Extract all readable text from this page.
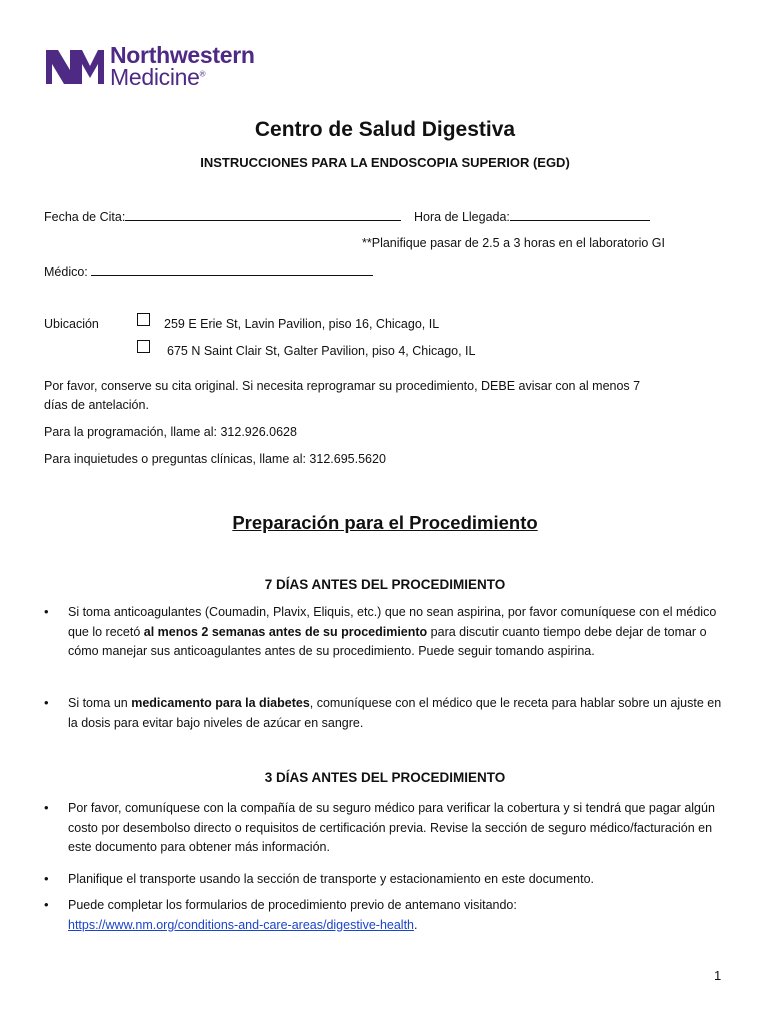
Northwestern
Medicine®
Centro de Salud Digestiva
INSTRUCCIONES PARA LA ENDOSCOPIA SUPERIOR (EGD)
Fecha de Cita:	Hora de Llegada:
**Planifique pasar de 2.5 a 3 horas en el laboratorio GI
Médico:
Ubicación	259 E Erie St, Lavin Pavilion, piso 16, Chicago, IL
675 N Saint Clair St, Galter Pavilion, piso 4, Chicago, IL
Por favor, conserve su cita original. Si necesita reprogramar su procedimiento, DEBE avisar con al menos 7
días de antelación.
Para la programación, llame al: 312.926.0628
Para inquietudes o preguntas clínicas, llame al: 312.695.5620
Preparación para el Procedimiento
7 DÍAS ANTES DEL PROCEDIMIENTO
• Si toma anticoagulantes (Coumadin, Plavix, Eliquis, etc.) que no sean aspirina, por favor comuníquese con el médico que lo recetó al menos 2 semanas antes de su procedimiento para discutir cuanto tiempo debe dejar de tomar o cómo manejar sus anticoagulantes antes de su procedimiento. Puede seguir tomando aspirina.
• Si toma un medicamento para la diabetes, comuníquese con el médico que le receta para hablar sobre un ajuste en la dosis para evitar bajo niveles de azúcar en sangre.
3 DÍAS ANTES DEL PROCEDIMIENTO
• Por favor, comuníquese con la compañía de su seguro médico para verificar la cobertura y si tendrá que pagar algún costo por desembolso directo o requisitos de certificación previa. Revise la sección de seguro médico/facturación en este documento para obtener más información.
• Planifique el transporte usando la sección de transporte y estacionamiento en este documento.
• Puede completar los formularios de procedimiento previo de antemano visitando:
https://www.nm.org/conditions-and-care-areas/digestive-health.
1
